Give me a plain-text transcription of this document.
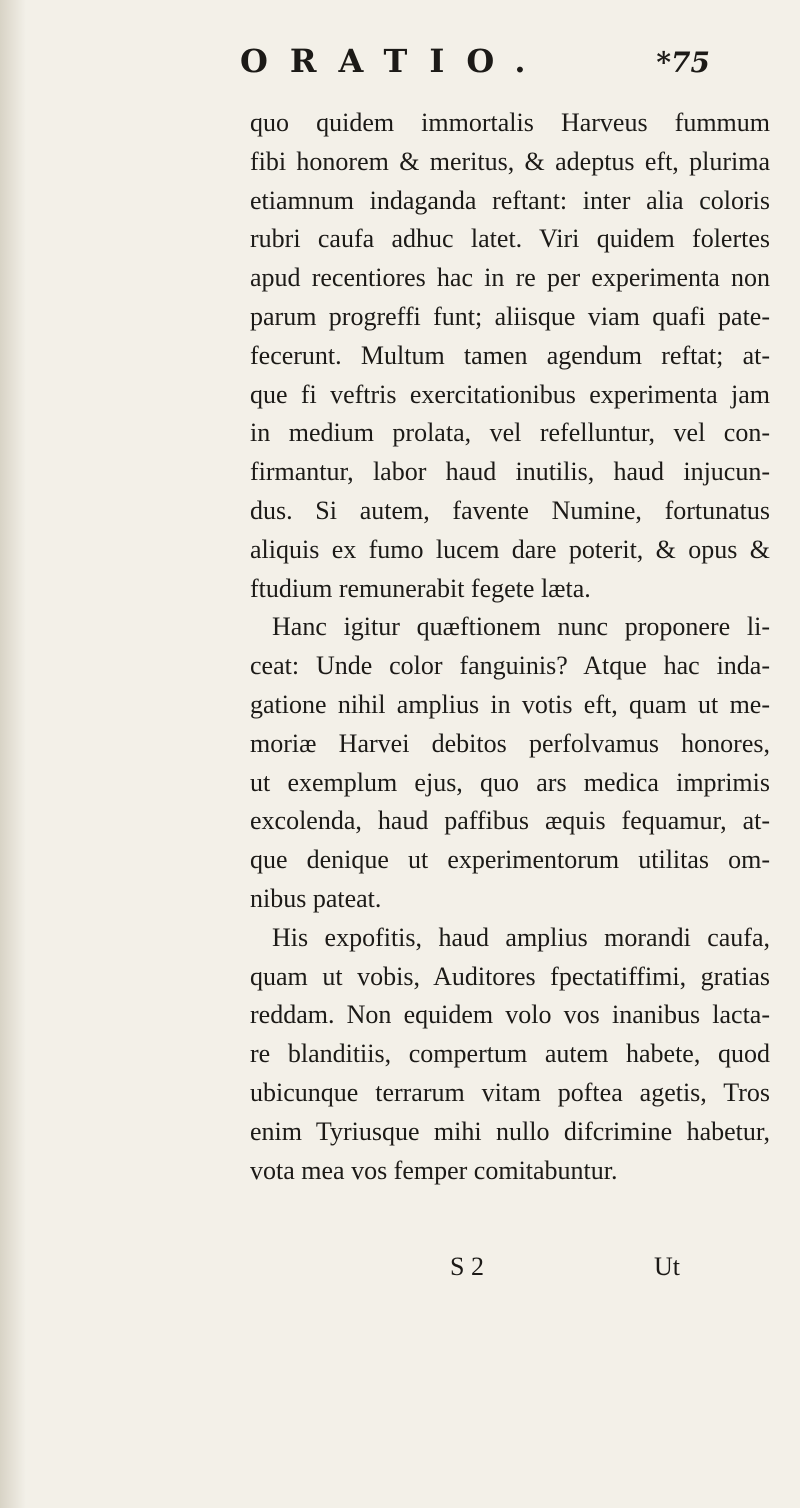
ORATIO.	*75
quo quidem immortalis Harveus fummum
fibi honorem & meritus, & adeptus eft, plurima
etiamnum indaganda reftant: inter alia coloris
rubri caufa adhuc latet. Viri quidem folertes
apud recentiores hac in re per experimenta non
parum progreffi funt; aliisque viam quafi pate-
fecerunt. Multum tamen agendum reftat; at-
que fi veftris exercitationibus experimenta jam
in medium prolata, vel refelluntur, vel con-
firmantur, labor haud inutilis, haud injucun-
dus. Si autem, favente Numine, fortunatus
aliquis ex fumo lucem dare poterit, & opus &
ftudium remunerabit fegete læta.
Hanc igitur quæftionem nunc proponere li-
ceat: Unde color fanguinis? Atque hac inda-
gatione nihil amplius in votis eft, quam ut me-
moriæ Harvei debitos perfolvamus honores,
ut exemplum ejus, quo ars medica imprimis
excolenda, haud paffibus æquis fequamur, at-
que denique ut experimentorum utilitas om-
nibus pateat.
His expofitis, haud amplius morandi caufa,
quam ut vobis, Auditores fpectatiffimi, gratias
reddam. Non equidem volo vos inanibus lacta-
re blanditiis, compertum autem habete, quod
ubicunque terrarum vitam poftea agetis, Tros
enim Tyriusque mihi nullo difcrimine habetur,
vota mea vos femper comitabuntur.
S 2	Ut
